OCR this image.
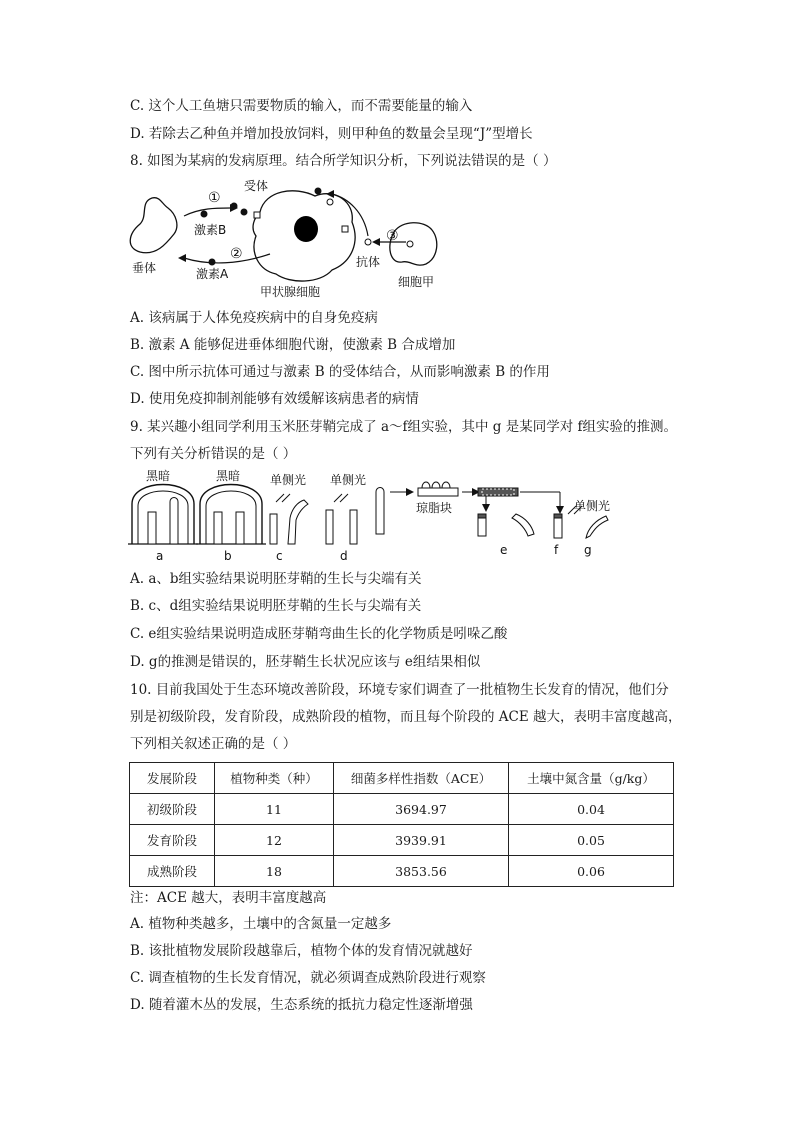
C. 这个人工鱼塘只需要物质的输入，而不需要能量的输入
D. 若除去乙种鱼并增加投放饲料，则甲种鱼的数量会呈现“J”型增长
8. 如图为某病的发病原理。结合所学知识分析，下列说法错误的是（ ）
①
②
③
受体
激素B
激素A
垂体
甲状腺细胞
抗体
细胞甲
A. 该病属于人体免疫疾病中的自身免疫病
B. 激素 A 能够促进垂体细胞代谢，使激素 B 合成增加
C. 图中所示抗体可通过与激素 B 的受体结合，从而影响激素 B 的作用
D. 使用免疫抑制剂能够有效缓解该病患者的病情
9. 某兴趣小组同学利用玉米胚芽鞘完成了 a～f组实验，其中 g 是某同学对 f组实验的推测。
下列有关分析错误的是（ ）
黑暗	黑暗 单侧光 单侧光
单侧光
琼脂块
a	b	c	d	e	f g
A. a、b组实验结果说明胚芽鞘的生长与尖端有关
B. c、d组实验结果说明胚芽鞘的生长与尖端有关
C. e组实验结果说明造成胚芽鞘弯曲生长的化学物质是吲哚乙酸
D. g的推测是错误的，胚芽鞘生长状况应该与 e组结果相似
10. 目前我国处于生态环境改善阶段，环境专家们调查了一批植物生长发育的情况，他们分
别是初级阶段，发育阶段，成熟阶段的植物，而且每个阶段的 ACE 越大，表明丰富度越高，
下列相关叙述正确的是（ ）
发展阶段	植物种类（种）	细菌多样性指数（ACE）	土壤中氮含量（g/kg）
初级阶段	11	3694.97	0.04
发育阶段	12	3939.91	0.05
成熟阶段	18	3853.56	0.06
注：ACE 越大，表明丰富度越高
A. 植物种类越多，土壤中的含氮量一定越多
B. 该批植物发展阶段越靠后，植物个体的发育情况就越好
C. 调查植物的生长发育情况，就必须调查成熟阶段进行观察
D. 随着灌木丛的发展，生态系统的抵抗力稳定性逐渐增强
